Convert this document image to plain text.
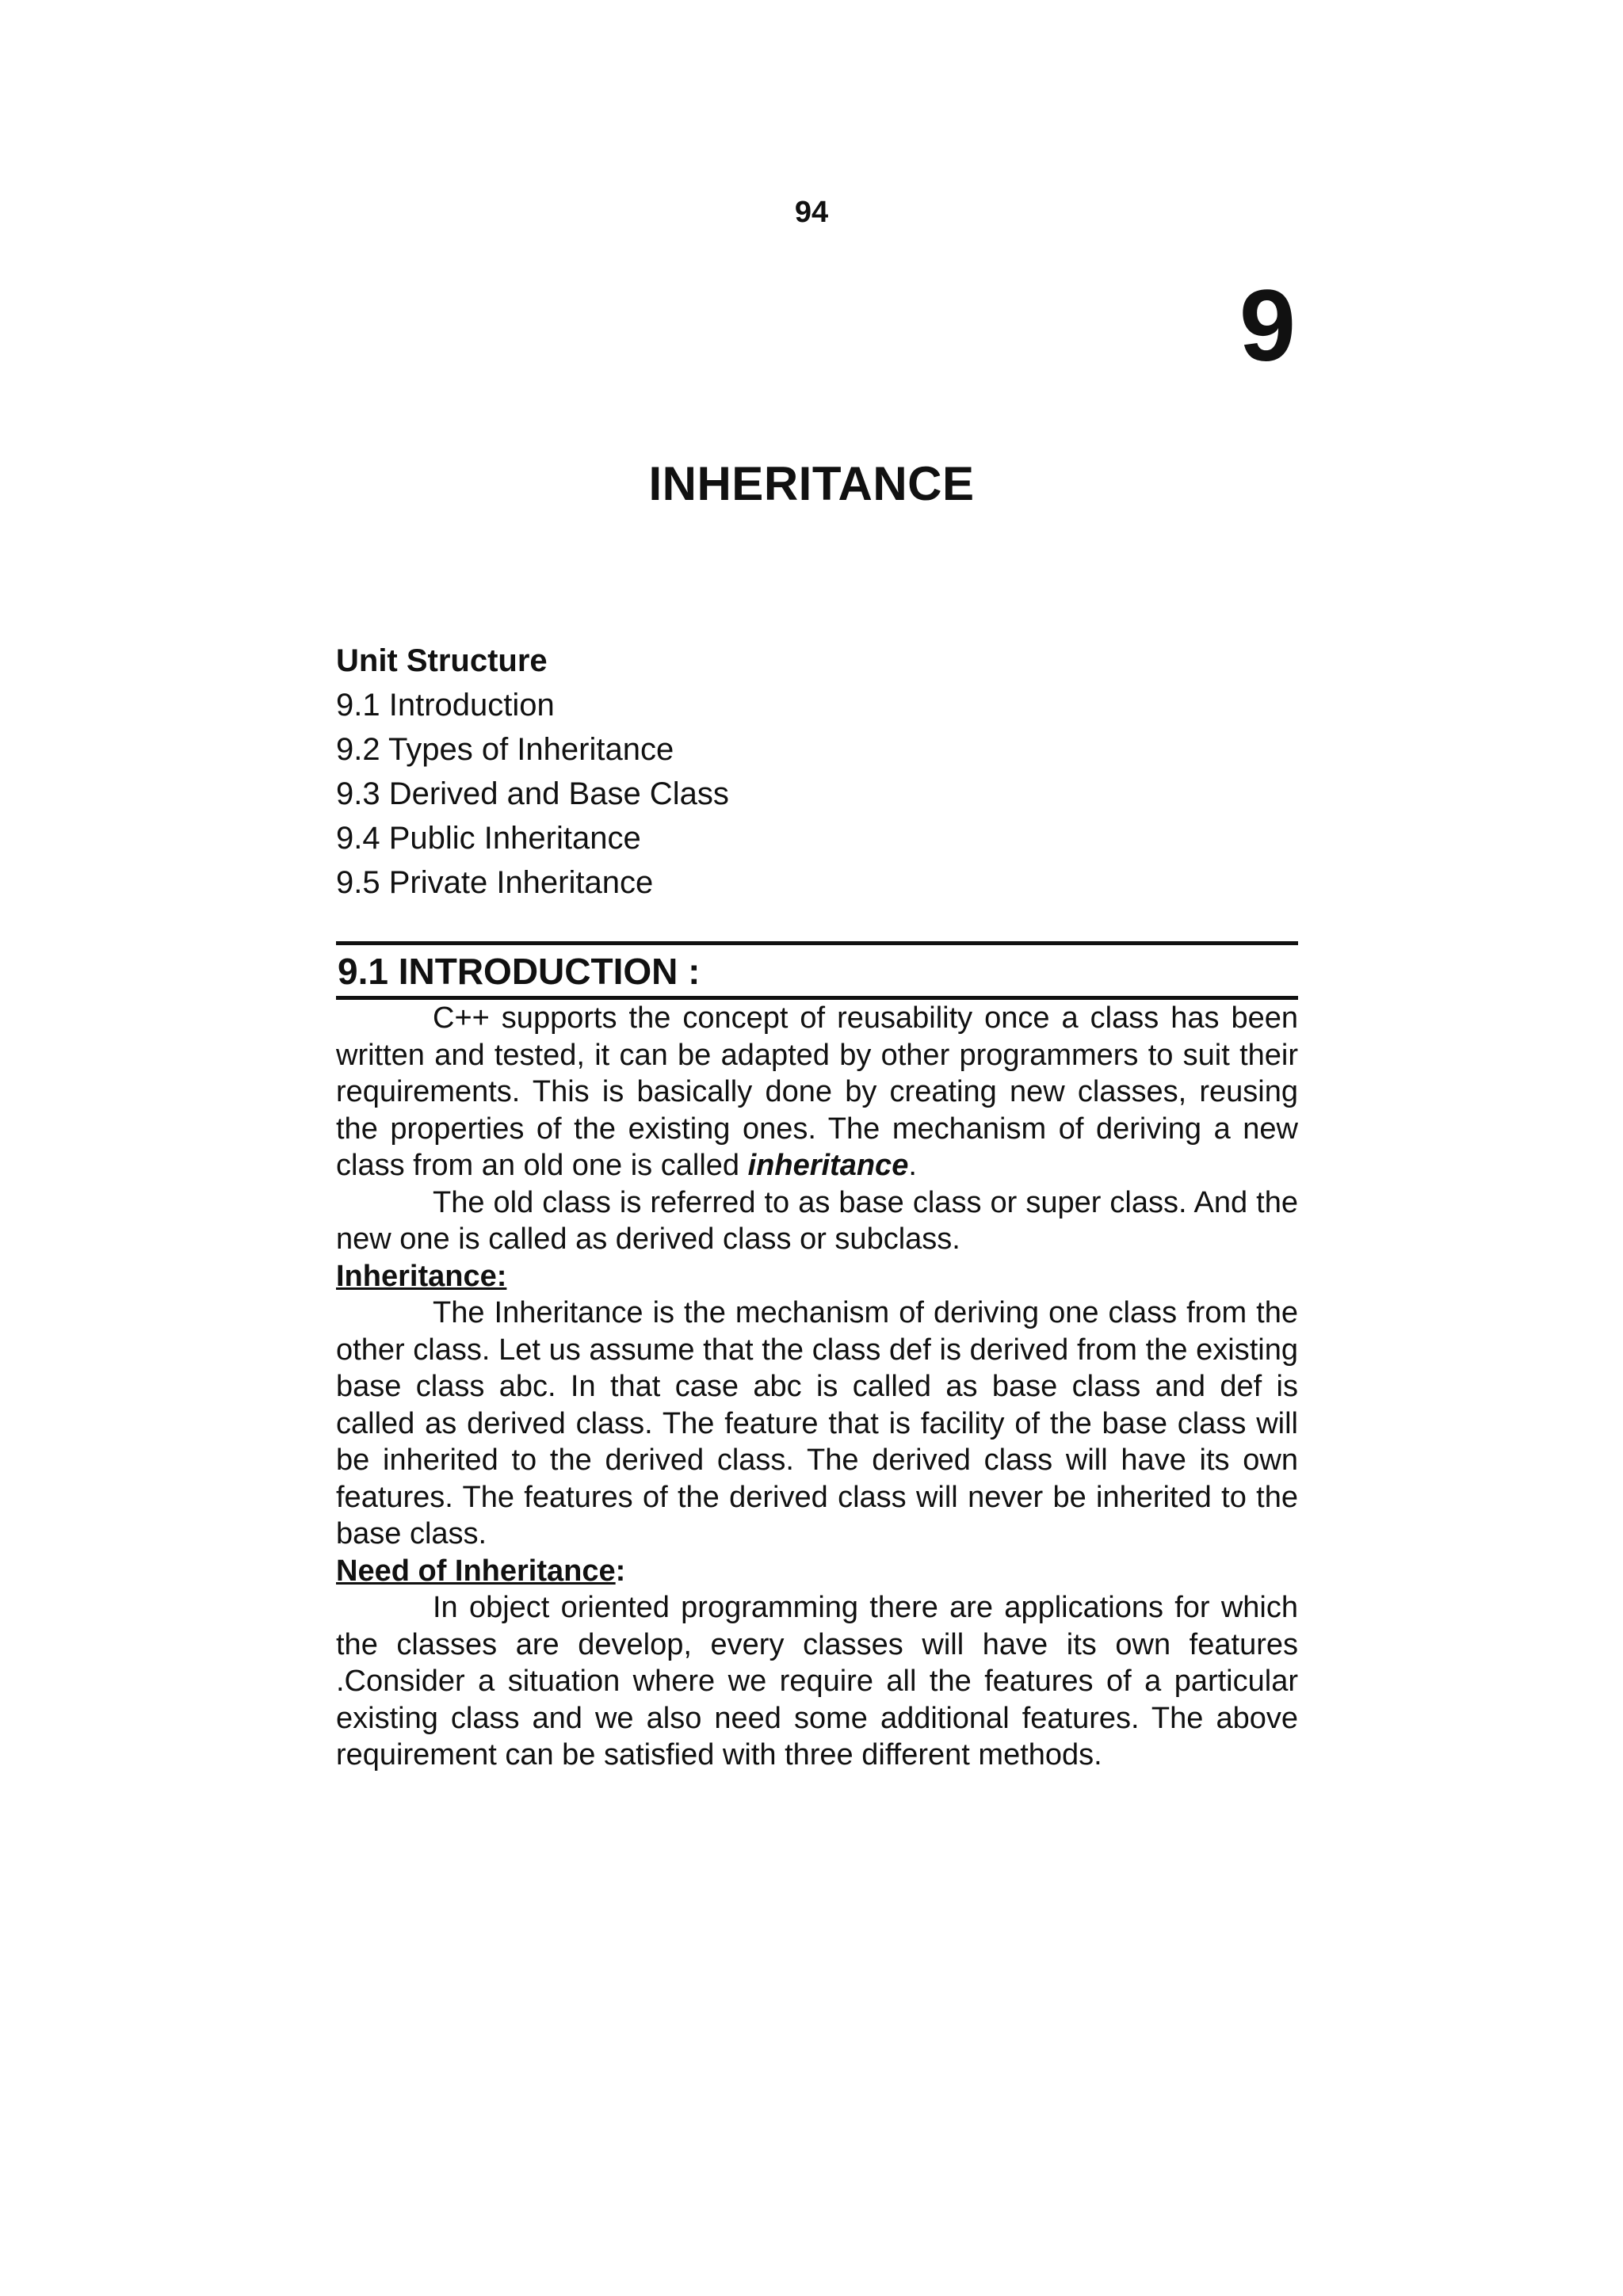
94
9
INHERITANCE

Unit Structure

9.1 Introduction
9.2 Types of Inheritance
9.3 Derived and Base Class
9.4 Public Inheritance
9.5 Private Inheritance
9.1 INTRODUCTION :

C++ supports the concept of reusability once a class has been written and tested, it can be adapted by other programmers to suit their requirements. This is basically done by creating new classes, reusing the properties of the existing ones. The mechanism of deriving a new class from an old one is called inheritance.

The old class is referred to as base class or super class. And the new one is called as derived class or subclass.

Inheritance:

The Inheritance is the mechanism of deriving one class from the other class. Let us assume that the class def is derived from the existing base class abc. In that case abc is called as base class and def is called as derived class. The feature that is facility of the base class will be inherited to the derived class. The derived class will have its own features. The features of the derived class will never be inherited to the base class.

Need of Inheritance:

In object oriented programming there are applications for which the classes are develop, every classes will have its own features .Consider a situation where we require all the features of a particular existing class and we also need some additional features. The above requirement can be satisfied with three different methods.
